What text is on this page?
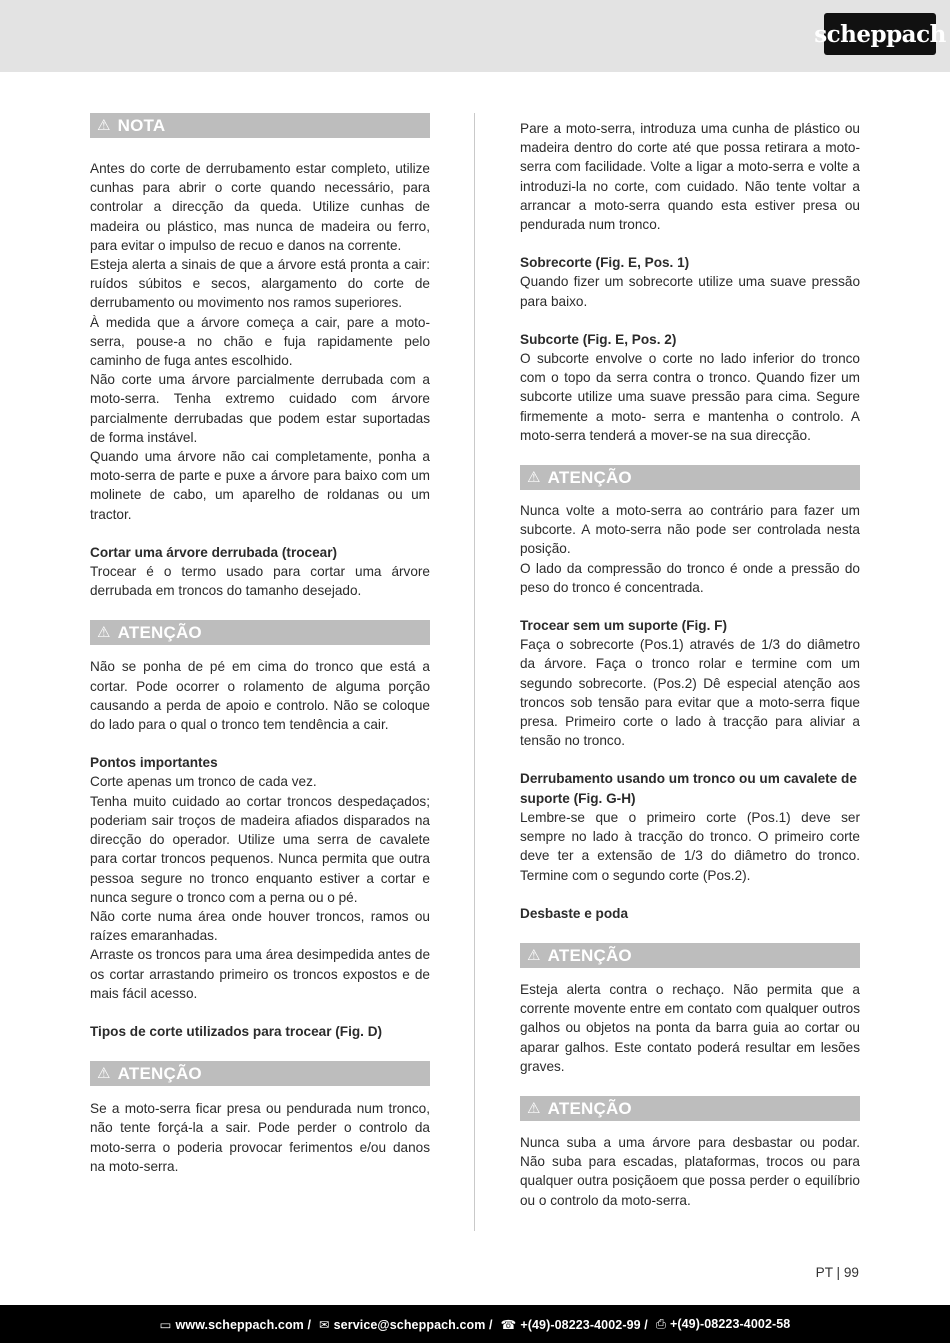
scheppach
⚠ NOTA

Antes do corte de derrubamento estar completo, utilize cunhas para abrir o corte quando necessário, para controlar a direcção da queda. Utilize cunhas de madeira ou plástico, mas nunca de madeira ou ferro, para evitar o impulso de recuo e danos na corrente.

Esteja alerta a sinais de que a árvore está pronta a cair: ruídos súbitos e secos, alargamento do corte de derrubamento ou movimento nos ramos superiores.

À medida que a árvore começa a cair, pare a moto-serra, pouse-a no chão e fuja rapidamente pelo caminho de fuga antes escolhido.

Não corte uma árvore parcialmente derrubada com a moto-serra. Tenha extremo cuidado com árvore parcialmente derrubadas que podem estar suportadas de forma instável.

Quando uma árvore não cai completamente, ponha a moto-serra de parte e puxe a árvore para baixo com um molinete de cabo, um aparelho de roldanas ou um tractor.

Cortar uma árvore derrubada (trocear)

Trocear é o termo usado para cortar uma árvore derrubada em troncos do tamanho desejado.

⚠ ATENÇÃO

Não se ponha de pé em cima do tronco que está a cortar. Pode ocorrer o rolamento de alguma porção causando a perda de apoio e controlo. Não se coloque do lado para o qual o tronco tem tendência a cair.

Pontos importantes

Corte apenas um tronco de cada vez.

Tenha muito cuidado ao cortar troncos despedaçados; poderiam sair troços de madeira afiados disparados na direcção do operador. Utilize uma serra de cavalete para cortar troncos pequenos. Nunca permita que outra pessoa segure no tronco enquanto estiver a cortar e nunca segure o tronco com a perna ou o pé.

Não corte numa área onde houver troncos, ramos ou raízes emaranhadas.

Arraste os troncos para uma área desimpedida antes de os cortar arrastando primeiro os troncos expostos e de mais fácil acesso.

Tipos de corte utilizados para trocear (Fig. D)

⚠ ATENÇÃO

Se a moto-serra ficar presa ou pendurada num tronco, não tente forçá-la a sair. Pode perder o controlo da moto-serra o poderia provocar ferimentos e/ou danos na moto-serra.

Pare a moto-serra, introduza uma cunha de plástico ou madeira dentro do corte até que possa retirara a moto-serra com facilidade. Volte a ligar a moto-serra e volte a introduzi-la no corte, com cuidado. Não tente voltar a arrancar a moto-serra quando esta estiver presa ou pendurada num tronco.

Sobrecorte (Fig. E, Pos. 1)

Quando fizer um sobrecorte utilize uma suave pressão para baixo.

Subcorte (Fig. E, Pos. 2)

O subcorte envolve o corte no lado inferior do tronco com o topo da serra contra o tronco. Quando fizer um subcorte utilize uma suave pressão para cima. Segure firmemente a moto- serra e mantenha o controlo. A moto-serra tenderá a mover-se na sua direcção.

⚠ ATENÇÃO

Nunca volte a moto-serra ao contrário para fazer um subcorte. A moto-serra não pode ser controlada nesta posição.

O lado da compressão do tronco é onde a pressão do peso do tronco é concentrada.

Trocear sem um suporte (Fig. F)

Faça o sobrecorte (Pos.1) através de 1/3 do diâmetro da árvore. Faça o tronco rolar e termine com um segundo sobrecorte. (Pos.2) Dê especial atenção aos troncos sob tensão para evitar que a moto-serra fique presa. Primeiro corte o lado à tracção para aliviar a tensão no tronco.

Derrubamento usando um tronco ou um cavalete de suporte (Fig. G-H)

Lembre-se que o primeiro corte (Pos.1) deve ser sempre no lado à tracção do tronco. O primeiro corte deve ter a extensão de 1/3 do diâmetro do tronco. Termine com o segundo corte (Pos.2).

Desbaste e poda

⚠ ATENÇÃO

Esteja alerta contra o rechaço. Não permita que a corrente movente entre em contato com qualquer outros galhos ou objetos na ponta da barra guia ao cortar ou aparar galhos. Este contato poderá resultar em lesões graves.

⚠ ATENÇÃO

Nunca suba a uma árvore para desbastar ou podar. Não suba para escadas, plataformas, trocos ou para qualquer outra posiçãoem que possa perder o equilíbrio ou o controlo da moto-serra.

PT | 99
▭ www.scheppach.com / ✉ service@scheppach.com / ☎ +(49)-08223-4002-99 / ⎙ +(49)-08223-4002-58
